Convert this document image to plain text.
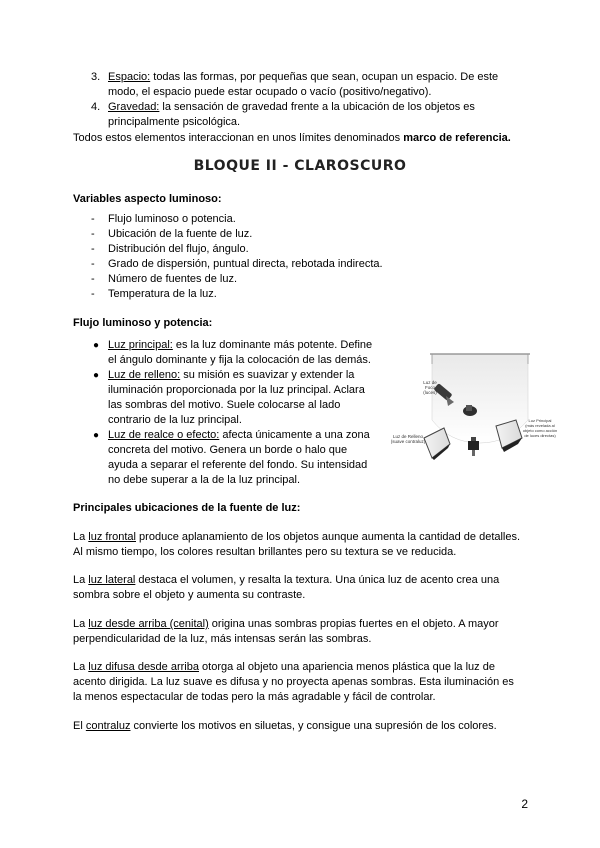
3. Espacio: todas las formas, por pequeñas que sean, ocupan un espacio. De este
modo, el espacio puede estar ocupado o vacío (positivo/negativo).
4. Gravedad: la sensación de gravedad frente a la ubicación de los objetos es
principalmente psicológica.
Todos estos elementos interaccionan en unos límites denominados marco de referencia.
BLOQUE II - CLAROSCURO
Variables aspecto luminoso:
- Flujo luminoso o potencia.
- Ubicación de la fuente de luz.
- Distribución del flujo, ángulo.
- Grado de dispersión, puntual directa, rebotada indirecta.
- Número de fuentes de luz.
- Temperatura de la luz.
Flujo luminoso y potencia:
● Luz principal: es la luz dominante más potente. Define
el ángulo dominante y fija la colocación de las demás.
● Luz de relleno: su misión es suavizar y extender la
iluminación proporcionada por la luz principal. Aclara
las sombras del motivo. Suele colocarse al lado
contrario de la luz principal.
● Luz de realce o efecto: afecta únicamente a una zona
concreta del motivo. Genera un borde o halo que
ayuda a separar el referente del fondo. Su intensidad
no debe superar a la de la luz principal.
Luz de
Foco
(luces)
Luz de Relleno
(suave contraluz)
Luz Principal
(más revelada al
objeto como acción
de luces directas)
Principales ubicaciones de la fuente de luz:
La luz frontal produce aplanamiento de los objetos aunque aumenta la cantidad de detalles.
Al mismo tiempo, los colores resultan brillantes pero su textura se ve reducida.
La luz lateral destaca el volumen, y resalta la textura. Una única luz de acento crea una
sombra sobre el objeto y aumenta su contraste.
La luz desde arriba (cenital) origina unas sombras propias fuertes en el objeto. A mayor
perpendicularidad de la luz, más intensas serán las sombras.
La luz difusa desde arriba otorga al objeto una apariencia menos plástica que la luz de
acento dirigida. La luz suave es difusa y no proyecta apenas sombras. Esta iluminación es
la menos espectacular de todas pero la más agradable y fácil de controlar.
El contraluz convierte los motivos en siluetas, y consigue una supresión de los colores.
2
